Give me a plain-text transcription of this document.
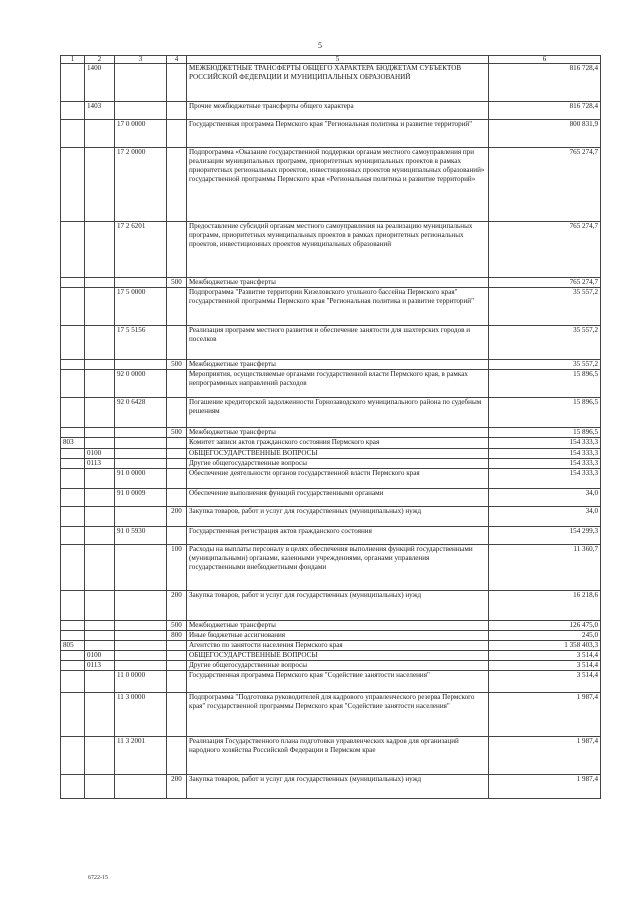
5
1	2	3	4	5	6
	1400			МЕЖБЮДЖЕТНЫЕ ТРАНСФЕРТЫ ОБЩЕГО ХАРАКТЕРА БЮДЖЕТАМ СУБЪЕКТОВ РОССИЙСКОЙ ФЕДЕРАЦИИ И МУНИЦИПАЛЬНЫХ ОБРАЗОВАНИЙ	816 728,4
	1403			Прочие межбюджетные трансферты общего характера	816 728,4
		17 0 0000		Государственная программа Пермского края "Региональная политика и развитие территорий"	800 831,9
		17 2 0000		Подпрограмма «Оказание государственной поддержки органам местного самоуправления при реализации муниципальных программ, приоритетных муниципальных проектов в рамках приоритетных региональных проектов, инвестиционных проектов муниципальных образований» государственной программы Пермского края «Региональная политика и развитие территорий»	765 274,7
		17 2 6201		Предоставление субсидий органам местного самоуправления на реализацию муниципальных программ, приоритетных муниципальных проектов в рамках приоритетных региональных проектов, инвестиционных проектов муниципальных образований	765 274,7
			500	Межбюджетные трансферты	765 274,7
		17 5 0000		Подпрограмма "Развитие территории Кизеловского угольного бассейна Пермского края" государственной программы Пермского края "Региональная политика и развитие территорий"	35 557,2
		17 5 5156		Реализация программ местного развития и обеспечение занятости для шахтерских городов и поселков	35 557,2
			500	Межбюджетные трансферты	35 557,2
		92 0 0000		Мероприятия, осуществляемые органами государственной власти Пермского края, в рамках непрограммных направлений расходов	15 896,5
		92 0 6428		Погашение кредиторской задолженности Горнозаводского муниципального района по судебным решениям	15 896,5
			500	Межбюджетные трансферты	15 896,5
803				Комитет записи актов гражданского состояния Пермского края	154 333,3
	0100			ОБЩЕГОСУДАРСТВЕННЫЕ ВОПРОСЫ	154 333,3
	0113			Другие общегосударственные вопросы	154 333,3
		91 0 0000		Обеспечение деятельности органов государственной власти Пермского края	154 333,3
		91 0 0009		Обеспечение выполнения функций государственными органами	34,0
			200	Закупка товаров, работ и услуг для государственных (муниципальных) нужд	34,0
		91 0 5930		Государственная регистрация актов гражданского состояния	154 299,3
			100	Расходы на выплаты персоналу в целях обеспечения выполнения функций государственными (муниципальными) органами, казенными учреждениями, органами управления государственными внебюджетными фондами	11 360,7
			200	Закупка товаров, работ и услуг для государственных (муниципальных) нужд	16 218,6
			500	Межбюджетные трансферты	126 475,0
			800	Иные бюджетные ассигнования	245,0
805				Агентство по занятости населения Пермского края	1 358 403,3
	0100			ОБЩЕГОСУДАРСТВЕННЫЕ ВОПРОСЫ	3 514,4
	0113			Другие общегосударственные вопросы	3 514,4
		11 0 0000		Государственная программа Пермского края "Содействие занятости населения"	3 514,4
		11 3 0000		Подпрограмма "Подготовка руководителей для кадрового управленческого резерва Пермского края" государственной программы Пермского края "Содействие занятости населения"	1 987,4
		11 3 2001		Реализация Государственного плана подготовки управленческих кадров для организаций народного хозяйства Российской Федерации в Пермском крае	1 987,4
			200	Закупка товаров, работ и услуг для государственных (муниципальных) нужд	1 987,4
6722-15
